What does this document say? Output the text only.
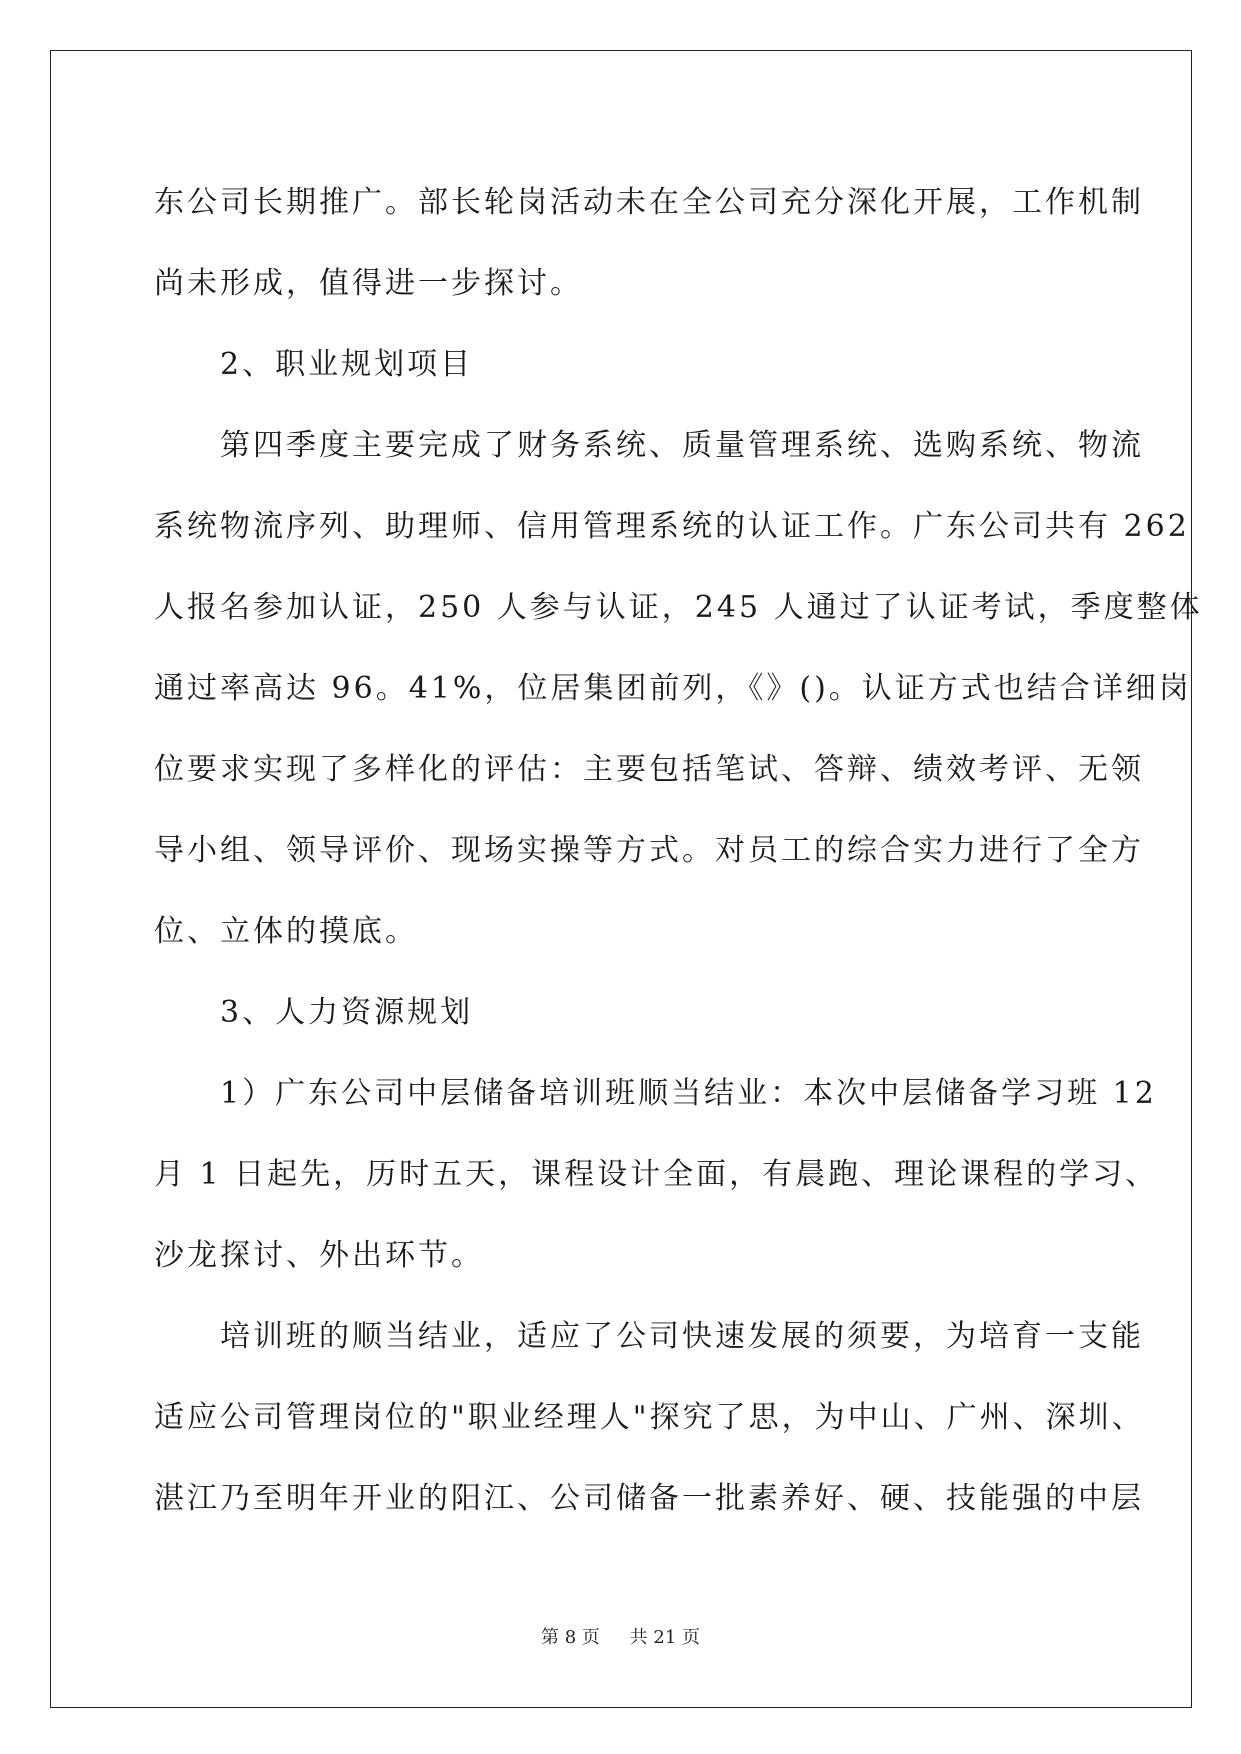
东公司长期推广。部长轮岗活动未在全公司充分深化开展，工作机制

尚未形成，值得进一步探讨。

2、职业规划项目

第四季度主要完成了财务系统、质量管理系统、选购系统、物流

系统物流序列、助理师、信用管理系统的认证工作。广东公司共有 262

人报名参加认证，250 人参与认证，245 人通过了认证考试，季度整体

通过率高达 96。41%，位居集团前列，《》()。认证方式也结合详细岗

位要求实现了多样化的评估：主要包括笔试、答辩、绩效考评、无领

导小组、领导评价、现场实操等方式。对员工的综合实力进行了全方

位、立体的摸底。

3、人力资源规划

1）广东公司中层储备培训班顺当结业：本次中层储备学习班 12

月 1 日起先，历时五天，课程设计全面，有晨跑、理论课程的学习、

沙龙探讨、外出环节。

培训班的顺当结业，适应了公司快速发展的须要，为培育一支能

适应公司管理岗位的"职业经理人"探究了思，为中山、广州、深圳、

湛江乃至明年开业的阳江、公司储备一批素养好、硬、技能强的中层

第 8 页 共 21 页
